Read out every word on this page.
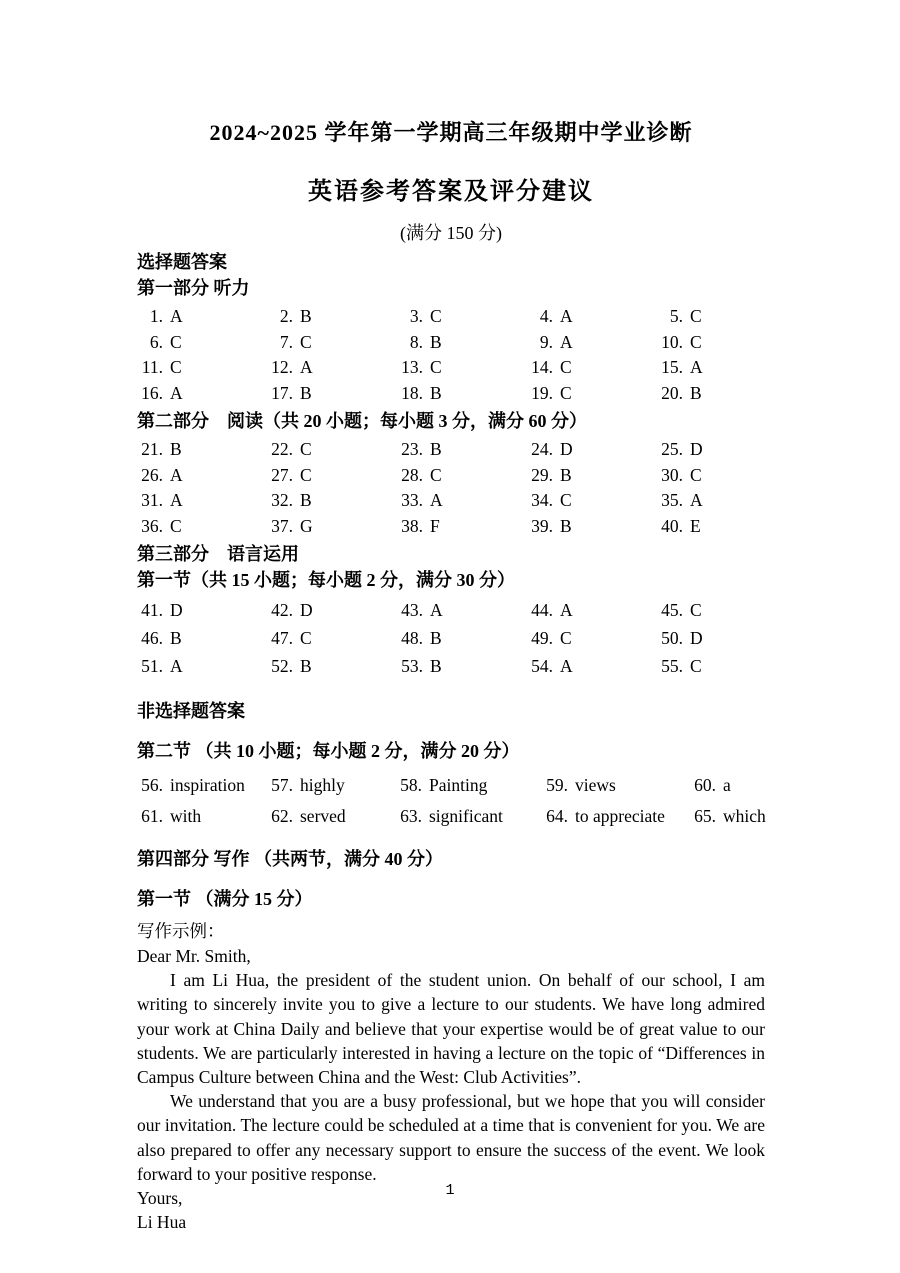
2024~2025 学年第一学期高三年级期中学业诊断
英语参考答案及评分建议
(满分 150 分)
选择题答案
第一部分 听力
1. A	2. B	3. C	4. A	5. C
6. C	7. C	8. B	9. A	10. C
11. C	12. A	13. C	14. C	15. A
16. A	17. B	18. B	19. C	20. B
第二部分　阅读（共 20 小题；每小题 3 分，满分 60 分）
21. B	22. C	23. B	24. D	25. D
26. A	27. C	28. C	29. B	30. C
31. A	32. B	33. A	34. C	35. A
36. C	37. G	38. F	39. B	40. E
第三部分　语言运用
第一节（共 15 小题；每小题 2 分，满分 30 分）
41. D	42. D	43. A	44. A	45. C
46. B	47. C	48. B	49. C	50. D
51. A	52. B	53. B	54. A	55. C
非选择题答案
第二节 （共 10 小题；每小题 2 分，满分 20 分）
56. inspiration	57. highly	58. Painting	59. views	60. a
61. with	62. served	63. significant	64. to appreciate	65. which
第四部分 写作 （共两节，满分 40 分）
第一节 （满分 15 分）
写作示例：
Dear Mr. Smith,
I am Li Hua, the president of the student union. On behalf of our school, I am writing to sincerely invite you to give a lecture to our students. We have long admired your work at China Daily and believe that your expertise would be of great value to our students. We are particularly interested in having a lecture on the topic of “Differences in Campus Culture between China and the West: Club Activities”.
We understand that you are a busy professional, but we hope that you will consider our invitation. The lecture could be scheduled at a time that is convenient for you. We are also prepared to offer any necessary support to ensure the success of the event. We look forward to your positive response.
Yours,
Li Hua
1
